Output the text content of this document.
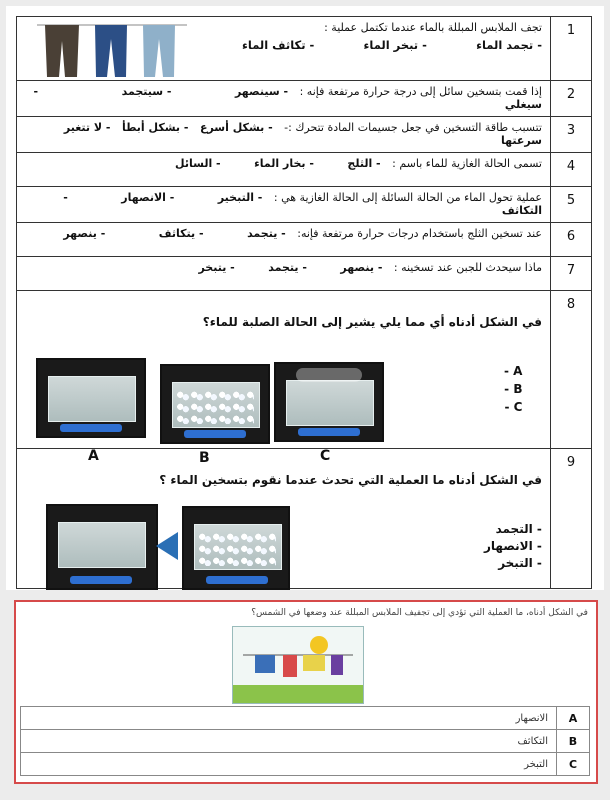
1	تجف الملابس المبللة بالماء عندما تكتمل عملية :
- تجمد الماء
- تبخر الماء
- تكاثف الماء

2	إذا قمت بتسخين سائل إلى درجة حرارة مرتفعة فإنه : - سينصهر - سيتجمد - سيغلي
3	تتسبب طاقة التسخين في جعل جسيمات المادة تتحرك :- - بشكل أسرع - بشكل أبطأ - لا تتغير سرعتها
4	تسمى الحالة الغازية للماء باسم : - الثلج - بخار الماء - السائل
5	عملية تحول الماء من الحالة السائلة إلى الحالة الغازية هي : - التبخير - الانصهار - التكاثف
6	عند تسخين الثلج باستخدام درجات حرارة مرتفعة فإنه: - يتجمد - يتكاثف - ينصهر
7	ماذا سيحدث للجبن عند تسخينه : - ينصهر - يتجمد - يتبخر
8	في الشكل أدناه أي مما يلي يشير إلى الحالة الصلبة للماء؟

9	في الشكل أدناه ما العملية التي تحدث عندما نقوم بتسخين الماء ؟
A	B	C
A -
B -
C -
- التجمد
- الانصهار
- التبخر
في الشكل أدناه، ما العملية التي تؤدي إلى تجفيف الملابس المبللة عند وضعها في الشمس؟
A	الانصهار
B	التكاثف
C	التبخر
